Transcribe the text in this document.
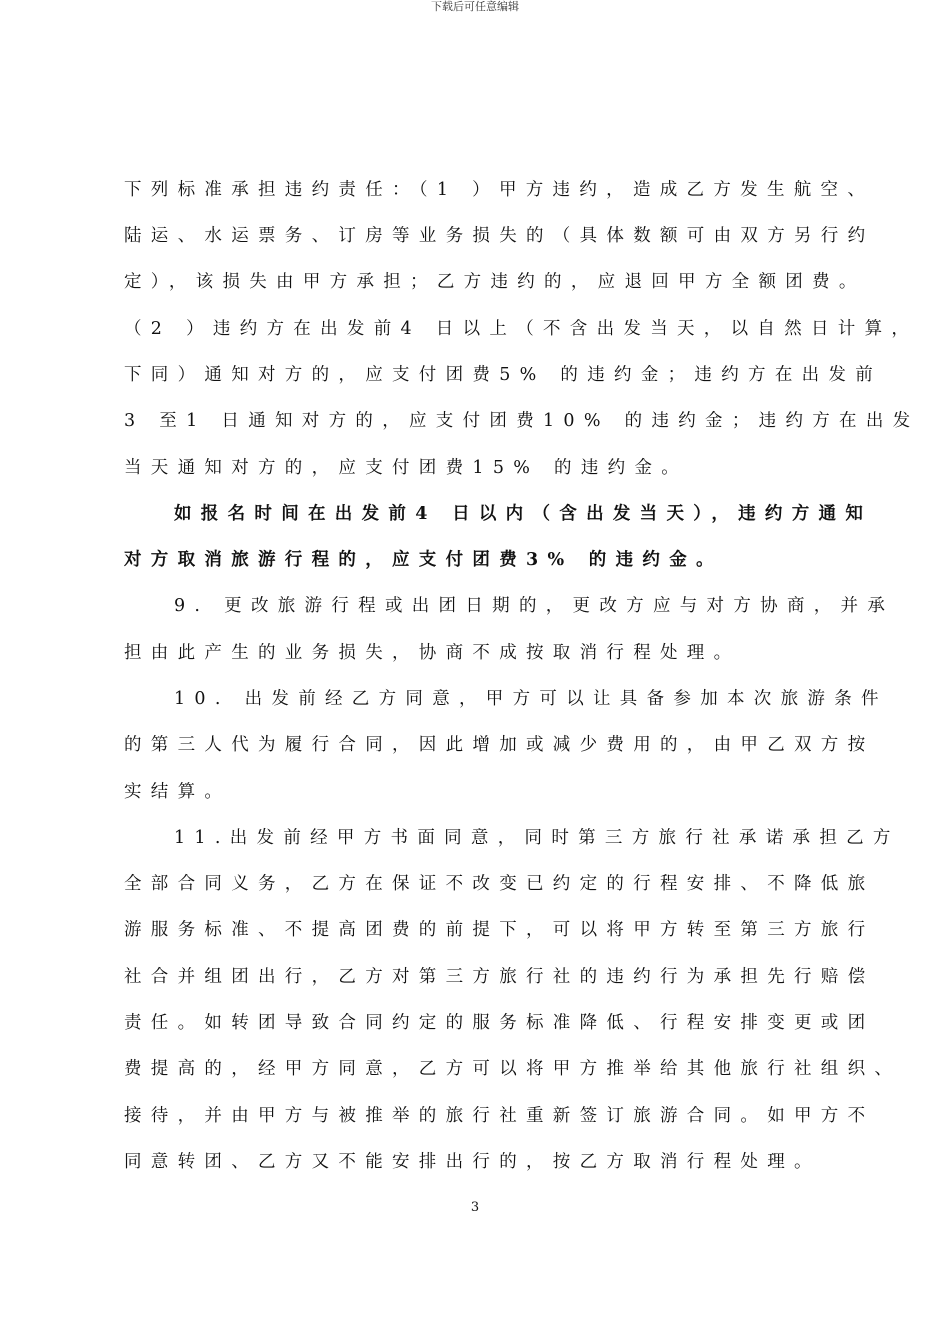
下载后可任意编辑
下列标准承担违约责任：（1 ）甲方违约，造成乙方发生航空、
陆运、水运票务、订房等业务损失的（具体数额可由双方另行约
定），该损失由甲方承担；乙方违约的，应退回甲方全额团费。
（2 ）违约方在出发前4 日以上（不含出发当天，以自然日计算，
下同）通知对方的，应支付团费5% 的违约金；违约方在出发前
3 至1 日通知对方的，应支付团费10% 的违约金；违约方在出发
当天通知对方的，应支付团费15% 的违约金。
如报名时间在出发前4 日以内（含出发当天），违约方通知
对方取消旅游行程的，应支付团费3% 的违约金。
9. 更改旅游行程或出团日期的，更改方应与对方协商，并承
担由此产生的业务损失，协商不成按取消行程处理。
10. 出发前经乙方同意，甲方可以让具备参加本次旅游条件
的第三人代为履行合同，因此增加或减少费用的，由甲乙双方按
实结算。
11.出发前经甲方书面同意，同时第三方旅行社承诺承担乙方
全部合同义务，乙方在保证不改变已约定的行程安排、不降低旅
游服务标准、不提高团费的前提下，可以将甲方转至第三方旅行
社合并组团出行，乙方对第三方旅行社的违约行为承担先行赔偿
责任。如转团导致合同约定的服务标准降低、行程安排变更或团
费提高的，经甲方同意，乙方可以将甲方推举给其他旅行社组织、
接待，并由甲方与被推举的旅行社重新签订旅游合同。如甲方不
同意转团、乙方又不能安排出行的，按乙方取消行程处理。
3
